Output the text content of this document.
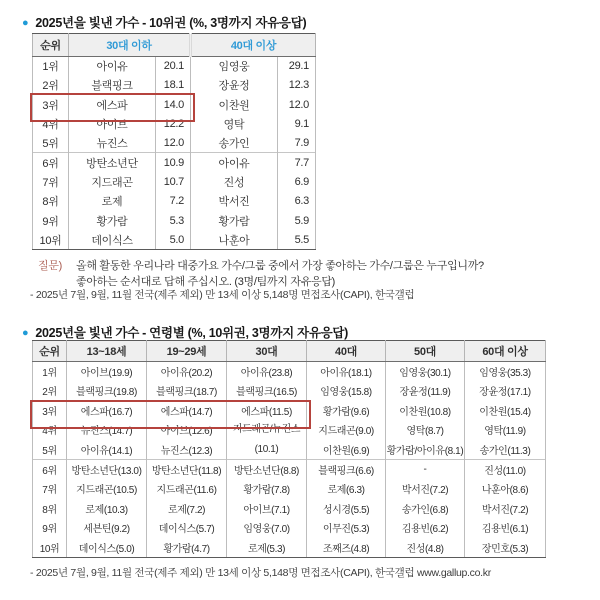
● 2025년을 빛낸 가수 - 10위권 (%, 3명까지 자유응답)
순위	30대 이하		40대 이상	
1위	아이유	20.1	임영웅	29.1
2위	블랙핑크	18.1	장윤정	12.3
3위	에스파	14.0	이찬원	12.0
4위	아이브	12.2	영탁	9.1
5위	뉴진스	12.0	송가인	7.9
6위	방탄소년단	10.9	아이유	7.7
7위	지드래곤	10.7	진성	6.9
8위	로제	7.2	박서진	6.3
9위	황가람	5.3	황가람	5.9
10위	데이식스	5.0	나훈아	5.5
질문) 올해 활동한 우리나라 대중가요 가수/그룹 중에서 가장 좋아하는 가수/그룹은 누구입니까?
좋아하는 순서대로 답해 주십시오. (3명/팀까지 자유응답)
- 2025년 7월, 9월, 11월 전국(제주 제외) 만 13세 이상 5,148명 면접조사(CAPI), 한국갤럽
● 2025년을 빛낸 가수 - 연령별 (%, 10위권, 3명까지 자유응답)
순위	13~18세	19~29세	30대	40대	50대	60대 이상
1위	아이브(19.9)	아이유(20.2)	아이유(23.8)	아이유(18.1)	임영웅(30.1)	임영웅(35.3)
2위	블랙핑크(19.8)	블랙핑크(18.7)	블랙핑크(16.5)	임영웅(15.8)	장윤정(11.9)	장윤정(17.1)
3위	에스파(16.7)	에스파(14.7)	에스파(11.5)	황가람(9.6)	이찬원(10.8)	이찬원(15.4)
4위	뉴진스(14.7)	아이브(12.6)	지드래곤/뉴진스
(10.1)	지드래곤(9.0)	영탁(8.7)	영탁(11.9)
5위	아이유(14.1)	뉴진스(12.3)		이찬원(6.9)	황가람/아이유(8.1)	송가인(11.3)
6위	방탄소년단(13.0)	방탄소년단(11.8)	방탄소년단(8.8)	블랙핑크(6.6)	-	진성(11.0)
7위	지드래곤(10.5)	지드래곤(11.6)	황가람(7.8)	로제(6.3)	박서진(7.2)	나훈아(8.6)
8위	로제(10.3)	로제(7.2)	아이브(7.1)	성시경(5.5)	송가인(6.8)	박서진(7.2)
9위	세븐틴(9.2)	데이식스(5.7)	임영웅(7.0)	이무진(5.3)	김용빈(6.2)	김용빈(6.1)
10위	데이식스(5.0)	황가람(4.7)	로제(5.3)	조째즈(4.8)	진성(4.8)	장민호(5.3)
- 2025년 7월, 9월, 11월 전국(제주 제외) 만 13세 이상 5,148명 면접조사(CAPI), 한국갤럽 www.gallup.co.kr
